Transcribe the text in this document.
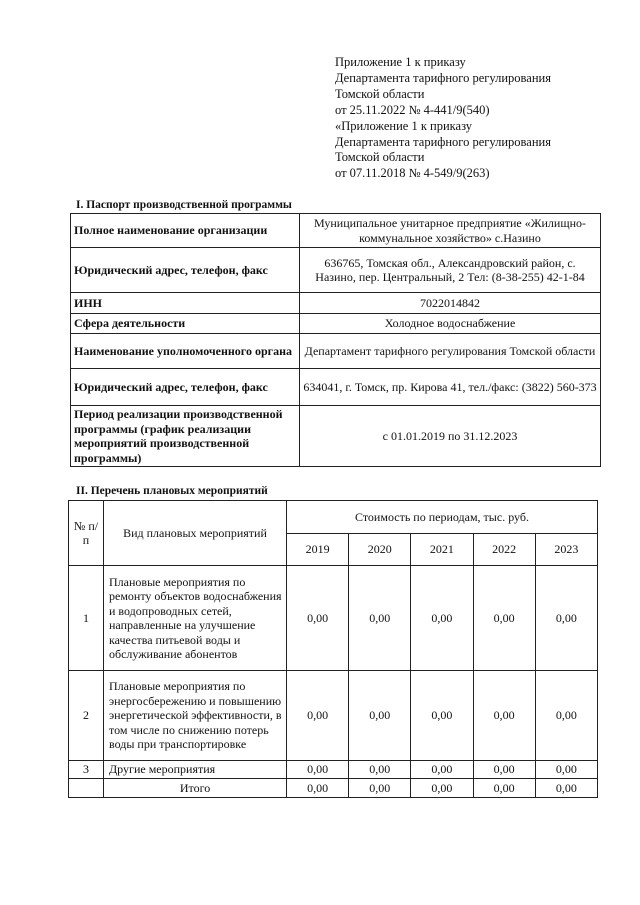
Приложение 1 к приказу
Департамента тарифного регулирования
Томской области
от 25.11.2022 № 4-441/9(540)
«Приложение 1 к приказу
Департамента тарифного регулирования
Томской области
от 07.11.2018 № 4-549/9(263)
I. Паспорт производственной программы
Полное наименование организации	Муниципальное унитарное предприятие «Жилищно-коммунальное хозяйство» с.Назино
Юридический адрес, телефон, факс	636765, Томская обл., Александровский район, с. Назино, пер. Центральный, 2 Тел: (8-38-255) 42-1-84
ИНН	7022014842
Сфера деятельности	Холодное водоснабжение
Наименование уполномоченного органа	Департамент тарифного регулирования Томской области
Юридический адрес, телефон, факс	634041, г. Томск, пр. Кирова 41, тел./факс: (3822) 560-373
Период реализации производственной программы (график реализации мероприятий производственной программы)	с 01.01.2019 по 31.12.2023
II. Перечень плановых мероприятий
№ п/п	Вид плановых мероприятий	Стоимость по периодам, тыс. руб.				
		2019	2020	2021	2022	2023
1	Плановые мероприятия по ремонту объектов водоснабжения и водопроводных сетей, направленные на улучшение качества питьевой воды и обслуживание абонентов	0,00	0,00	0,00	0,00	0,00
2	Плановые мероприятия по энергосбережению и повышению энергетической эффективности, в том числе по снижению потерь воды при транспортировке	0,00	0,00	0,00	0,00	0,00
3	Другие мероприятия	0,00	0,00	0,00	0,00	0,00
	Итого	0,00	0,00	0,00	0,00	0,00
